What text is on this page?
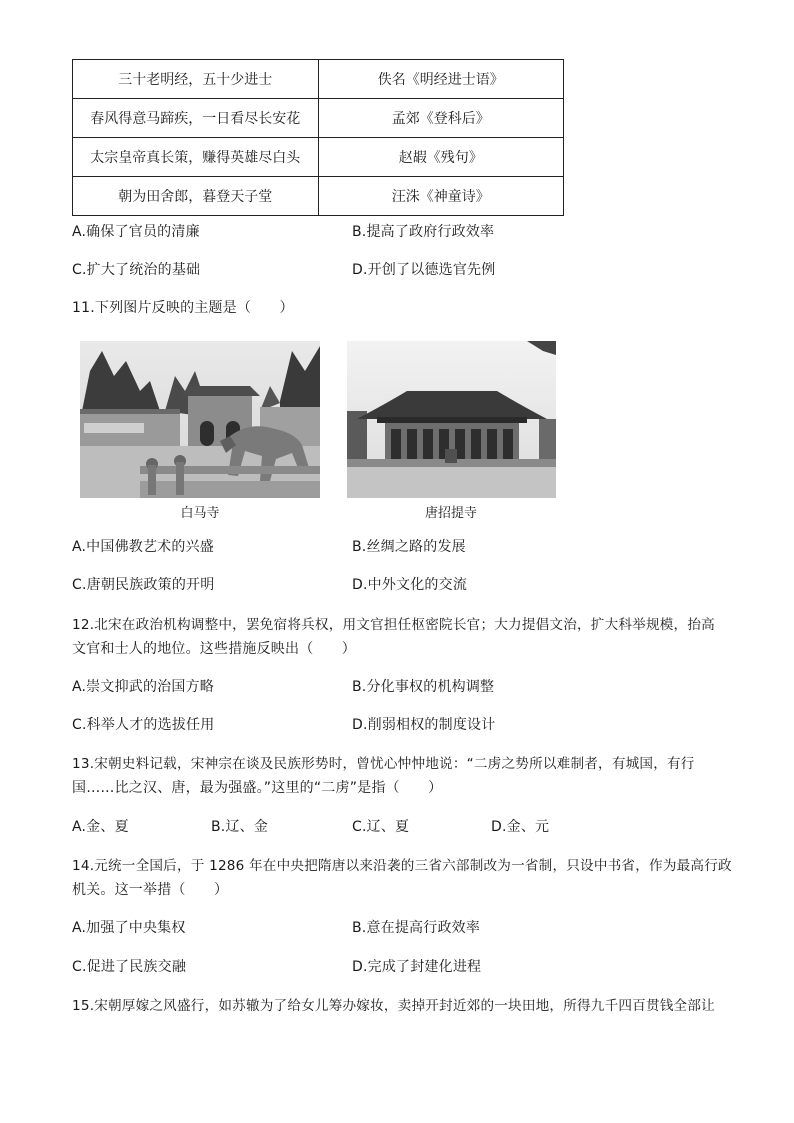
三十老明经，五十少进士	佚名《明经进士语》
春风得意马蹄疾，一日看尽长安花	孟郊《登科后》
太宗皇帝真长策，赚得英雄尽白头	赵嘏《残句》
朝为田舍郎，暮登天子堂	汪洙《神童诗》
A.确保了官员的清廉	B.提高了政府行政效率
C.扩大了统治的基础	D.开创了以德选官先例
11.下列图片反映的主题是（　　）
白马寺	唐招提寺
A.中国佛教艺术的兴盛	B.丝绸之路的发展
C.唐朝民族政策的开明	D.中外文化的交流
12.北宋在政治机构调整中，罢免宿将兵权，用文官担任枢密院长官；大力提倡文治，扩大科举规模，抬高
文官和士人的地位。这些措施反映出（　　）
A.崇文抑武的治国方略	B.分化事权的机构调整
C.科举人才的选拔任用	D.削弱相权的制度设计
13.宋朝史料记载，宋神宗在谈及民族形势时，曾忧心忡忡地说：“二虏之势所以难制者，有城国，有行
国……比之汉、唐，最为强盛。”这里的“二虏”是指（　　）
A.金、夏	B.辽、金	C.辽、夏	D.金、元
14.元统一全国后，于 1286 年在中央把隋唐以来沿袭的三省六部制改为一省制，只设中书省，作为最高行政
机关。这一举措（　　）
A.加强了中央集权	B.意在提高行政效率
C.促进了民族交融	D.完成了封建化进程
15.宋朝厚嫁之风盛行，如苏辙为了给女儿筹办嫁妆，卖掉开封近郊的一块田地，所得九千四百贯钱全部让
